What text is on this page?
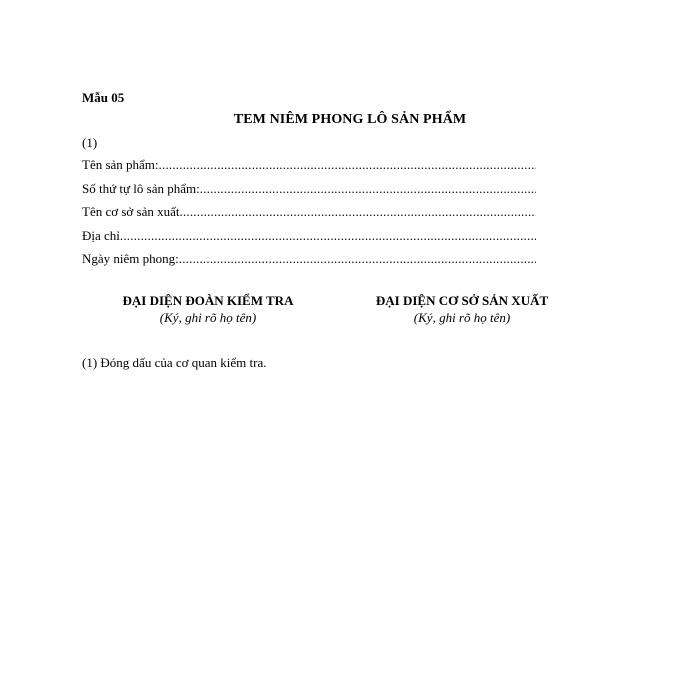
Mẫu 05
TEM NIÊM PHONG LÔ SẢN PHẨM
(1)
Tên sản phẩm:
.....
Số thứ tự lô sản phẩm:
.....
Tên cơ sở sản xuất
.....
Địa chỉ
.....
Ngày niêm phong:
.....
ĐẠI DIỆN ĐOÀN KIỂM TRA
(Ký, ghi rõ họ tên)
ĐẠI DIỆN CƠ SỞ SẢN XUẤT
(Ký, ghi rõ họ tên)
(1) Đóng dấu của cơ quan kiểm tra.
